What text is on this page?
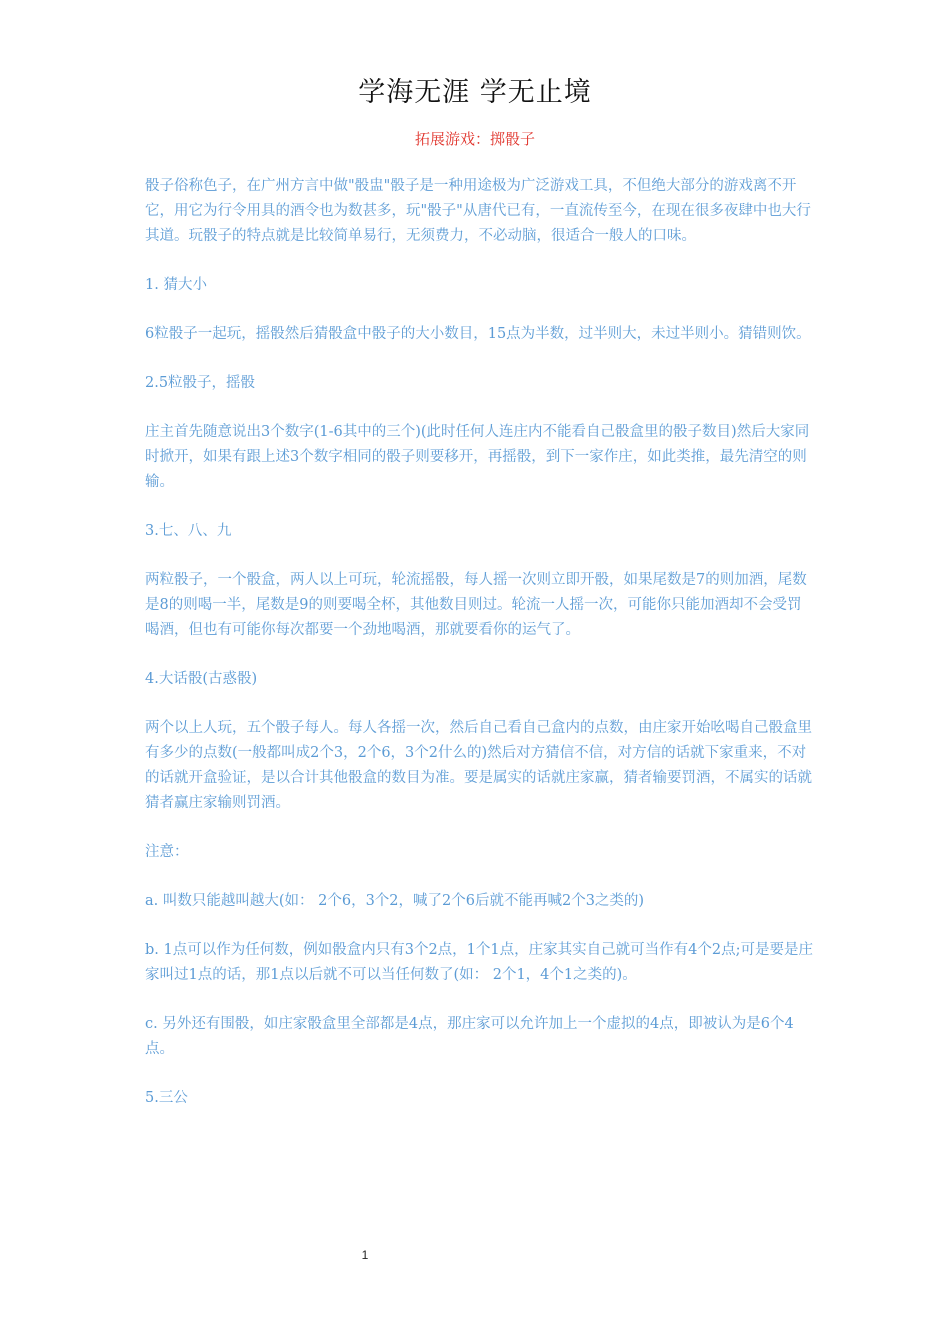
学海无涯 学无止境
拓展游戏：掷骰子

骰子俗称色子，在广州方言中做"骰盅"骰子是一种用途极为广泛游戏工具，不但绝大部分的游戏离不开它，用它为行令用具的酒令也为数甚多，玩"骰子"从唐代已有，一直流传至今，在现在很多夜肆中也大行其道。玩骰子的特点就是比较简单易行，无须费力，不必动脑，很适合一般人的口味。

1. 猜大小

6粒骰子一起玩，摇骰然后猜骰盒中骰子的大小数目，15点为半数，过半则大，未过半则小。猜错则饮。

2.5粒骰子，摇骰

庄主首先随意说出3个数字(1-6其中的三个)(此时任何人连庄内不能看自己骰盒里的骰子数目)然后大家同时掀开，如果有跟上述3个数字相同的骰子则要移开，再摇骰，到下一家作庄，如此类推，最先清空的则输。

3.七、八、九

两粒骰子，一个骰盒，两人以上可玩，轮流摇骰，每人摇一次则立即开骰，如果尾数是7的则加酒，尾数是8的则喝一半，尾数是9的则要喝全杯，其他数目则过。轮流一人摇一次，可能你只能加酒却不会受罚喝酒，但也有可能你每次都要一个劲地喝酒，那就要看你的运气了。

4.大话骰(古惑骰)

两个以上人玩，五个骰子每人。每人各摇一次，然后自己看自己盒内的点数，由庄家开始吆喝自己骰盒里有多少的点数(一般都叫成2个3，2个6，3个2什么的)然后对方猜信不信，对方信的话就下家重来，不对的话就开盒验证，是以合计其他骰盒的数目为准。要是属实的话就庄家赢，猜者输要罚酒，不属实的话就猜者赢庄家输则罚酒。

注意：

a. 叫数只能越叫越大(如： 2个6，3个2，喊了2个6后就不能再喊2个3之类的)

b. 1点可以作为任何数，例如骰盒内只有3个2点，1个1点，庄家其实自己就可当作有4个2点;可是要是庄家叫过1点的话，那1点以后就不可以当任何数了(如： 2个1，4个1之类的)。

c. 另外还有围骰，如庄家骰盒里全部都是4点，那庄家可以允许加上一个虚拟的4点，即被认为是6个4点。

5.三公

1
